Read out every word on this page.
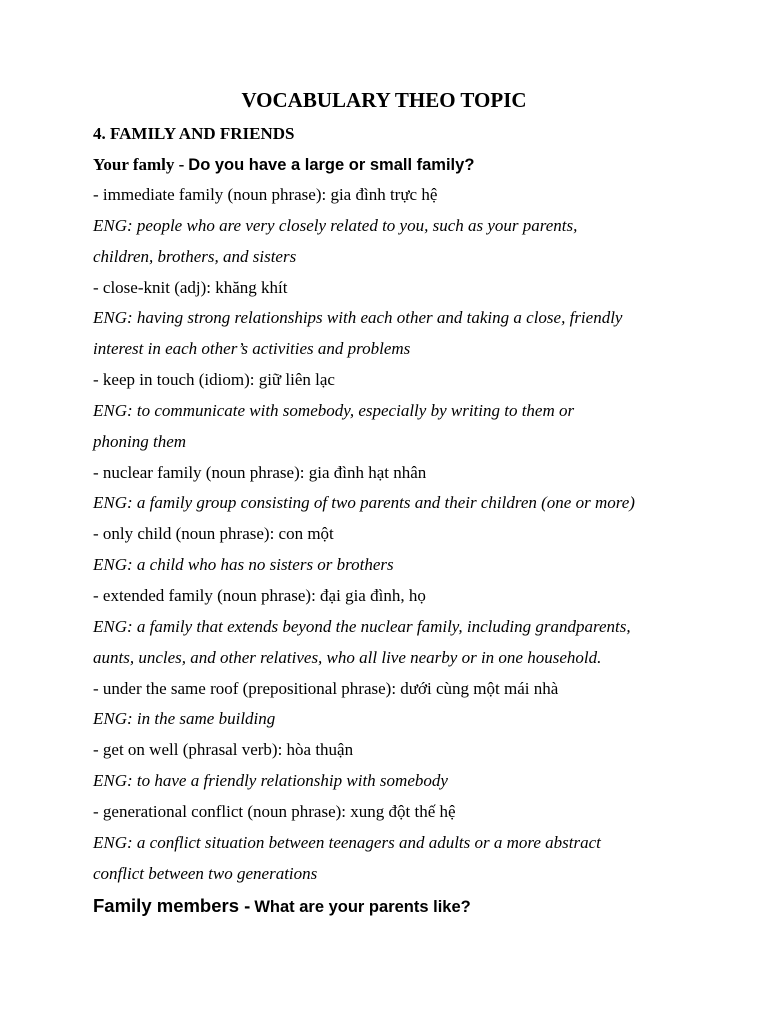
VOCABULARY THEO TOPIC
4. FAMILY AND FRIENDS

Your famly - Do you have a large or small family?

- immediate family (noun phrase): gia đình trực hệ

ENG: people who are very closely related to you, such as your parents,

children, brothers, and sisters

- close-knit (adj): khăng khít

ENG: having strong relationships with each other and taking a close, friendly

interest in each other’s activities and problems

- keep in touch (idiom): giữ liên lạc

ENG: to communicate with somebody, especially by writing to them or

phoning them

- nuclear family (noun phrase): gia đình hạt nhân

ENG: a family group consisting of two parents and their children (one or more)

- only child (noun phrase): con một

ENG: a child who has no sisters or brothers

- extended family (noun phrase): đại gia đình, họ

ENG: a family that extends beyond the nuclear family, including grandparents,

aunts, uncles, and other relatives, who all live nearby or in one household.

- under the same roof (prepositional phrase): dưới cùng một mái nhà

ENG: in the same building

- get on well (phrasal verb): hòa thuận

ENG: to have a friendly relationship with somebody

- generational conflict (noun phrase): xung đột thế hệ

ENG: a conflict situation between teenagers and adults or a more abstract

conflict between two generations

Family members - What are your parents like?
